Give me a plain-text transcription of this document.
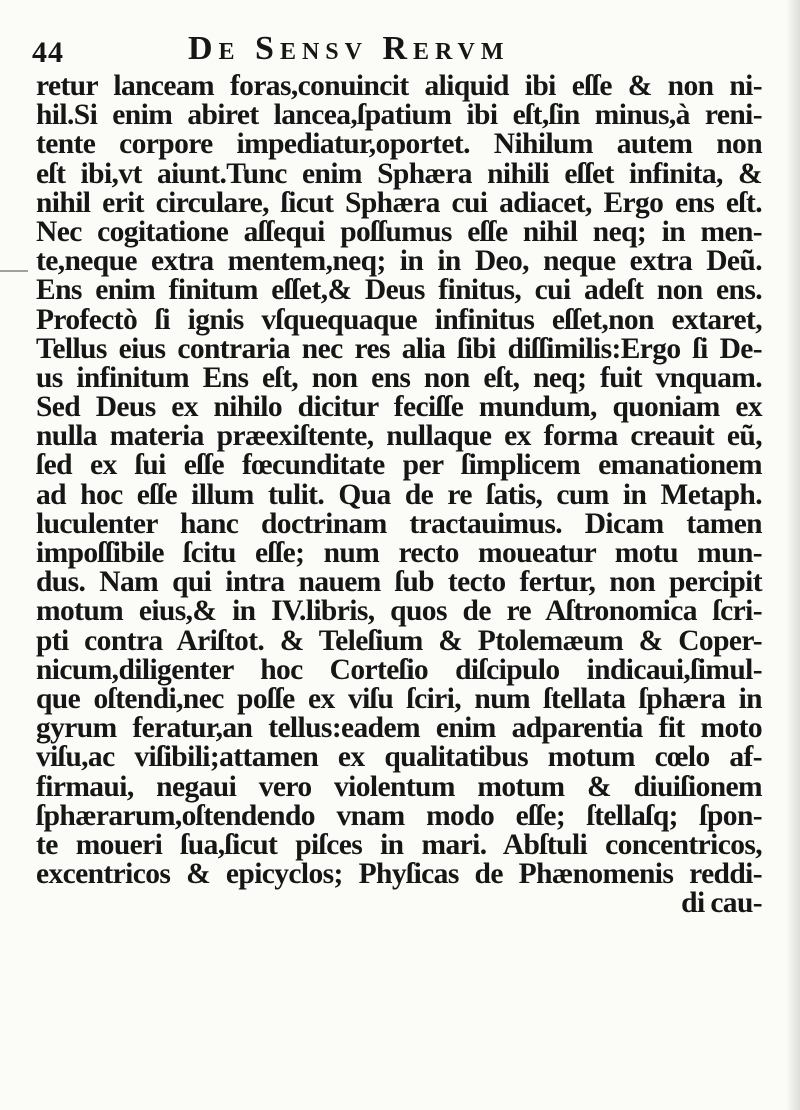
44	De Sensv Rervm
retur lanceam foras,conuincit aliquid ibi eſſe & non ni-
hil.Si enim abiret lancea,ſpatium ibi eſt,ſin minus,à reni-
tente corpore impediatur,oportet. Nihilum autem non
eſt ibi,vt aiunt.Tunc enim Sphæra nihili eſſet infinita, &
nihil erit circulare, ſicut Sphæra cui adiacet, Ergo ens eſt.
Nec cogitatione aſſequi poſſumus eſſe nihil neq; in men-
te,neque extra mentem,neq; in in Deo, neque extra Deũ.
Ens enim finitum eſſet,& Deus finitus, cui adeſt non ens.
Profectò ſi ignis vſquequaque infinitus eſſet,non extaret,
Tellus eius contraria nec res alia ſibi diſſimilis:Ergo ſi De-
us infinitum Ens eſt, non ens non eſt, neq; fuit vnquam.
Sed Deus ex nihilo dicitur feciſſe mundum, quoniam ex
nulla materia præexiſtente, nullaque ex forma creauit eũ,
ſed ex ſui eſſe fœcunditate per ſimplicem emanationem
ad hoc eſſe illum tulit. Qua de re ſatis, cum in Metaph.
luculenter hanc doctrinam tractauimus. Dicam tamen
impoſſibile ſcitu eſſe; num recto moueatur motu mun-
dus. Nam qui intra nauem ſub tecto fertur, non percipit
motum eius,& in IV.libris, quos de re Aſtronomica ſcri-
pti contra Ariſtot. & Teleſium & Ptolemæum & Coper-
nicum,diligenter hoc Corteſio diſcipulo indicaui,ſimul-
que oſtendi,nec poſſe ex viſu ſciri, num ſtellata ſphæra in
gyrum feratur,an tellus:eadem enim adparentia fit moto
viſu,ac viſibili;attamen ex qualitatibus motum cœlo af-
firmaui, negaui vero violentum motum & diuiſionem
ſphærarum,oſtendendo vnam modo eſſe; ſtellaſq; ſpon-
te moueri ſua,ſicut piſces in mari. Abſtuli concentricos,
excentricos & epicyclos; Phyſicas de Phænomenis reddi-
di cau-
